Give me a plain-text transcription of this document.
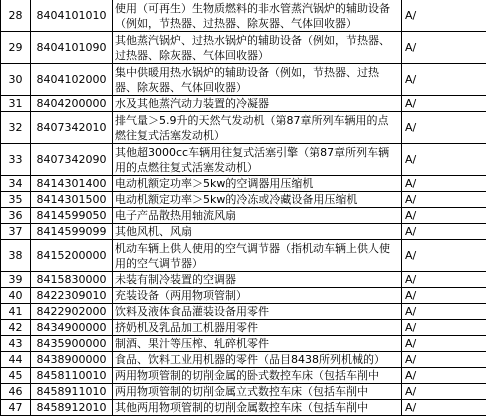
28	8404101010	使用（可再生）生物质燃料的非水管蒸汽锅炉的辅助设备（例如，节热器、过热器、除灰器、气体回收器）	A/
29	8404101090	其他蒸汽锅炉、过热水锅炉的辅助设备（例如，节热器、过热器、除灰器、气体回收器）	A/
30	8404102000	集中供暖用热水锅炉的辅助设备（例如，节热器、过热器、除灰器、气体回收器）	A/
31	8404200000	水及其他蒸汽动力装置的冷凝器	A/
32	8407342010	排气量＞5.9升的天然气发动机（第87章所列车辆用的点燃往复式活塞发动机）	A/
33	8407342090	其他超3000cc车辆用往复式活塞引擎（第87章所列车辆用的点燃往复式活塞发动机）	A/
34	8414301400	电动机额定功率＞5kw的空调器用压缩机	A/
35	8414301500	电动机额定功率＞5kw的冷冻或冷藏设备用压缩机	A/
36	8414599050	电子产品散热用轴流风扇	A/
37	8414599099	其他风机、风扇	A/
38	8415200000	机动车辆上供人使用的空气调节器（指机动车辆上供人使用的空气调节器）	A/
39	8415830000	未装有制冷装置的空调器	A/
40	8422309010	充装设备（两用物项管制）	A/
41	8422902000	饮料及液体食品灌装设备用零件	A/
42	8434900000	挤奶机及乳品加工机器用零件	A/
43	8435900000	制酒、果汁等压榨、轧碎机零件	A/
44	8438900000	食品、饮料工业用机器的零件（品目8438所列机械的）	A/
45	8458110010	两用物项管制的切削金属的卧式数控车床（包括车削中	A/
46	8458911010	两用物项管制的切削金属立式数控车床（包括车削中	A/
47	8458912010	其他两用物项管制的切削金属数控车床（包括车削中	A/
